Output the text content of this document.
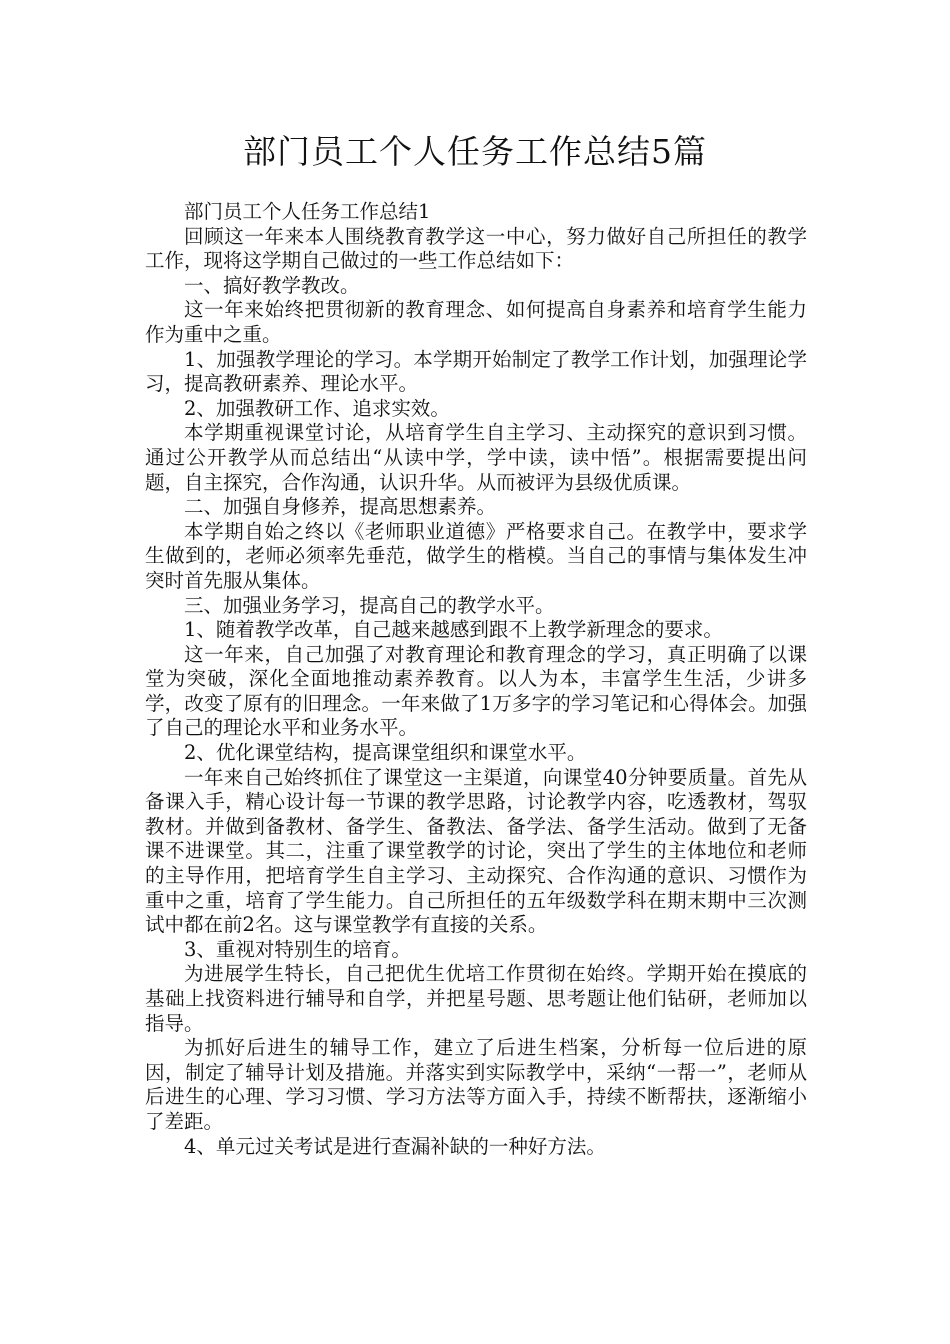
部门员工个人任务工作总结5篇

部门员工个人任务工作总结1

回顾这一年来本人围绕教育教学这一中心，努力做好自己所担任的教学工作，现将这学期自己做过的一些工作总结如下：

一、搞好教学教改。

这一年来始终把贯彻新的教育理念、如何提高自身素养和培育学生能力作为重中之重。

1、加强教学理论的学习。本学期开始制定了教学工作计划，加强理论学习，提高教研素养、理论水平。

2、加强教研工作、追求实效。

本学期重视课堂讨论，从培育学生自主学习、主动探究的意识到习惯。通过公开教学从而总结出“从读中学，学中读，读中悟”。根据需要提出问题，自主探究，合作沟通，认识升华。从而被评为县级优质课。

二、加强自身修养，提高思想素养。

本学期自始之终以《老师职业道德》严格要求自己。在教学中，要求学生做到的，老师必须率先垂范，做学生的楷模。当自己的事情与集体发生冲突时首先服从集体。

三、加强业务学习，提高自己的教学水平。

1、随着教学改革，自己越来越感到跟不上教学新理念的要求。

这一年来，自己加强了对教育理论和教育理念的学习，真正明确了以课堂为突破，深化全面地推动素养教育。以人为本，丰富学生生活，少讲多学，改变了原有的旧理念。一年来做了1万多字的学习笔记和心得体会。加强了自己的理论水平和业务水平。

2、优化课堂结构，提高课堂组织和课堂水平。

一年来自己始终抓住了课堂这一主渠道，向课堂40分钟要质量。首先从备课入手，精心设计每一节课的教学思路，讨论教学内容，吃透教材，驾驭教材。并做到备教材、备学生、备教法、备学法、备学生活动。做到了无备课不进课堂。其二，注重了课堂教学的讨论，突出了学生的主体地位和老师的主导作用，把培育学生自主学习、主动探究、合作沟通的意识、习惯作为重中之重，培育了学生能力。自己所担任的五年级数学科在期末期中三次测试中都在前2名。这与课堂教学有直接的关系。

3、重视对特别生的培育。

为进展学生特长，自己把优生优培工作贯彻在始终。学期开始在摸底的基础上找资料进行辅导和自学，并把星号题、思考题让他们钻研，老师加以指导。

为抓好后进生的辅导工作，建立了后进生档案，分析每一位后进的原因，制定了辅导计划及措施。并落实到实际教学中，采纳“一帮一”，老师从后进生的心理、学习习惯、学习方法等方面入手，持续不断帮扶，逐渐缩小了差距。

4、单元过关考试是进行查漏补缺的一种好方法。
